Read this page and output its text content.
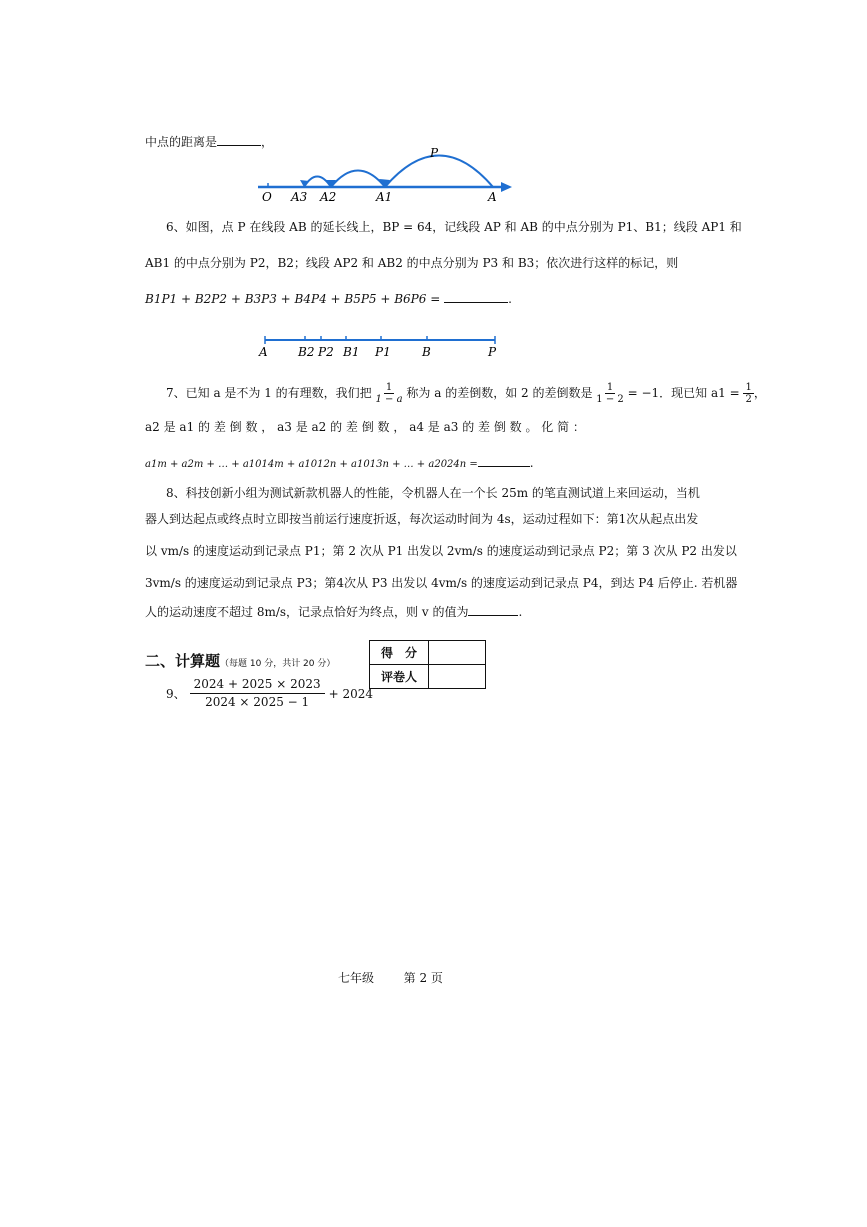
中点的距离是	，
P
O A3 A2	A1	A
6、如图，点 P 在线段 AB 的延长线上，BP = 64，记线段 AP 和 AB 的中点分别为 P1、B1；线段 AP1 和
AB1 的中点分别为 P2，B2；线段 AP2 和 AB2 的中点分别为 P3 和 B3；依次进行这样的标记，则
B1P1 + B2P2 + B3P3 + B4P4 + B5P5 + B6P6 =	.
A	B2 P2 B1 P1	B	P
7、已知 a 是不为 1 的有理数，我们把 $\frac{1}{1 - a}$ 称为 a 的差倒数，如 2 的差倒数是 $\frac{1}{1 - 2} = -1$．现已知 $a1 = \frac{1}{2}$ ，
a2 是 a1 的 差 倒 数 ， a3 是 a2 的 差 倒 数 ， a4 是 a3 的 差 倒 数 。 化 简 ：
a1m + a2m + … + a1014m + a1012n + a1013n + … + a2024n =	.
8、科技创新小组为测试新款机器人的性能，令机器人在一个长 25m 的笔直测试道上来回运动，当机
器人到达起点或终点时立即按当前运行速度折返，每次运动时间为 4s，运动过程如下：第1次从起点出发
以 vm/s 的速度运动到记录点 P1；第 2 次从 P1 出发以 2vm/s 的速度运动到记录点 P2；第 3 次从 P2 出发以
3vm/s 的速度运动到记录点 P3；第4次从 P3 出发以 4vm/s 的速度运动到记录点 P4，到达 P4 后停止. 若机器
人的运动速度不超过 8m/s，记录点恰好为终点，则 v 的值为	.
二、计算题（每题 10 分，共计 20 分）
得　分	
评卷人	
9、 $\frac{2024 + 2025 \times 2023}{2024 \times 2025 - 1} + 2024$
七年级 第 2 页
